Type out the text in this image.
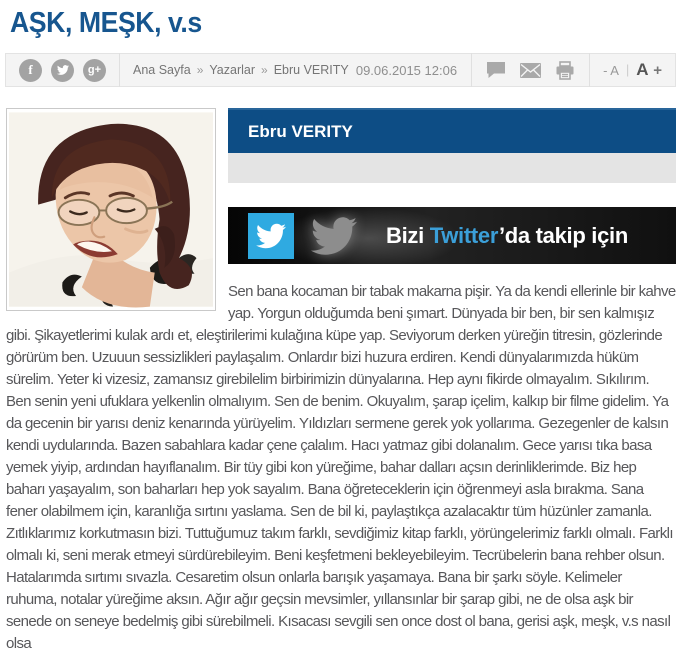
AŞK, MEŞK, v.s
f	g+	Ana Sayfa » Yazarlar » Ebru VERITY 09.06.2015 12:06	- A | A +
Ebru VERITY
Bizi Twitter’da takip için

Sen bana kocaman bir tabak makarna pişir. Ya da kendi ellerinle bir kahve yap. Yorgun olduğumda beni şımart. Dünyada bir ben, bir sen kalmışız gibi. Şikayetlerimi kulak ardı et, eleştirilerimi kulağına küpe yap. Seviyorum derken yüreğin titresin, gözlerinde görürüm ben. Uzuuun sessizlikleri paylaşalım. Onlardır bizi huzura erdiren. Kendi dünyalarımızda hüküm sürelim. Yeter ki vizesiz, zamansız girebilelim birbirimizin dünyalarına. Hep aynı fikirde olmayalım. Sıkılırım. Ben senin yeni ufuklara yelkenlin olmalıyım. Sen de benim. Okuyalım, şarap içelim, kalkıp bir filme gidelim. Ya da gecenin bir yarısı deniz kenarında yürüyelim. Yıldızları sermene gerek yok yollarıma. Gezegenler de kalsın kendi uydularında. Bazen sabahlara kadar çene çalalım. Hacı yatmaz gibi dolanalım. Gece yarısı tıka basa yemek yiyip, ardından hayıflanalım. Bir tüy gibi kon yüreğime, bahar dalları açsın derinliklerimde. Biz hep baharı yaşayalım, son baharları hep yok sayalım. Bana öğreteceklerin için öğrenmeyi asla bırakma. Sana fener olabilmem için, karanlığa sırtını yaslama. Sen de bil ki, paylaştıkça azalacaktır tüm hüzünler zamanla. Zıtlıklarımız korkutmasın bizi. Tuttuğumuz takım farklı, sevdiğimiz kitap farklı, yörüngelerimiz farklı olmalı. Farklı olmalı ki, seni merak etmeyi sürdürebileyim. Beni keşfetmeni bekleyebileyim. Tecrübelerin bana rehber olsun. Hatalarımda sırtımı sıvazla. Cesaretim olsun onlarla barışık yaşamaya. Bana bir şarkı söyle. Kelimeler ruhuma, notalar yüreğime aksın. Ağır ağır geçsin mevsimler, yıllansınlar bir şarap gibi, ne de olsa aşk bir senede on seneye bedelmiş gibi sürebilmeli. Kısacası sevgili sen once dost ol bana, gerisi aşk, meşk, v.s nasıl olsa
